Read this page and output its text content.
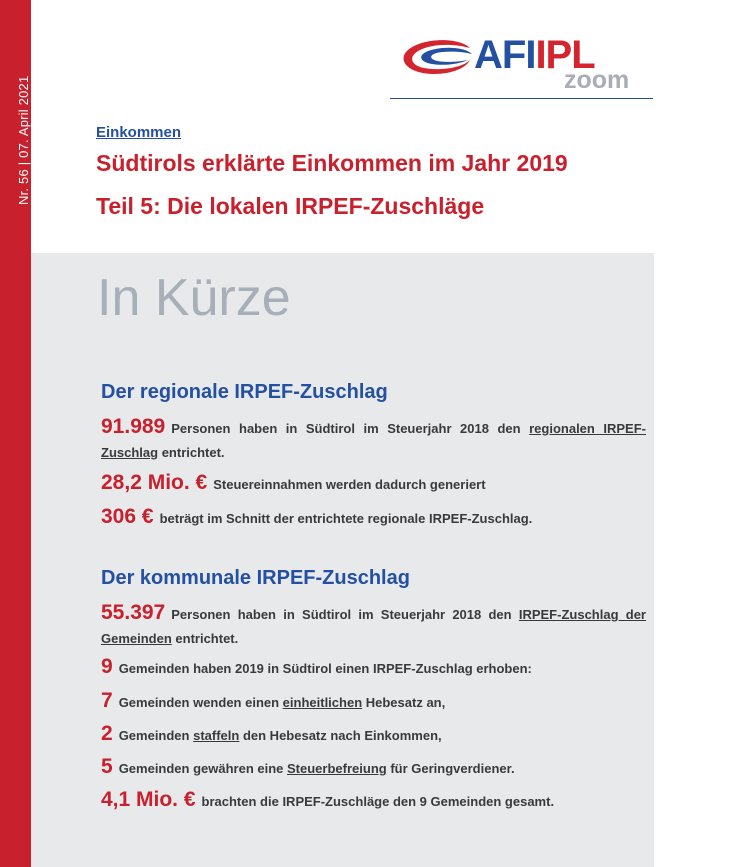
Nr. 56 | 07. April 2021
AFIIPL
zoom
Einkommen
Südtirols erklärte Einkommen im Jahr 2019
Teil 5: Die lokalen IRPEF-Zuschläge
In Kürze
Der regionale IRPEF-Zuschlag
91.989 Personen haben in Südtirol im Steuerjahr 2018 den regionalen IRPEF-Zuschlag entrichtet.
28,2 Mio. € Steuereinnahmen werden dadurch generiert
306 € beträgt im Schnitt der entrichtete regionale IRPEF-Zuschlag.
Der kommunale IRPEF-Zuschlag
55.397 Personen haben in Südtirol im Steuerjahr 2018 den IRPEF-Zuschlag der Gemeinden entrichtet.
9 Gemeinden haben 2019 in Südtirol einen IRPEF-Zuschlag erhoben:
7 Gemeinden wenden einen einheitlichen Hebesatz an,
2 Gemeinden staffeln den Hebesatz nach Einkommen,
5 Gemeinden gewähren eine Steuerbefreiung für Geringverdiener.
4,1 Mio. € brachten die IRPEF-Zuschläge den 9 Gemeinden gesamt.
